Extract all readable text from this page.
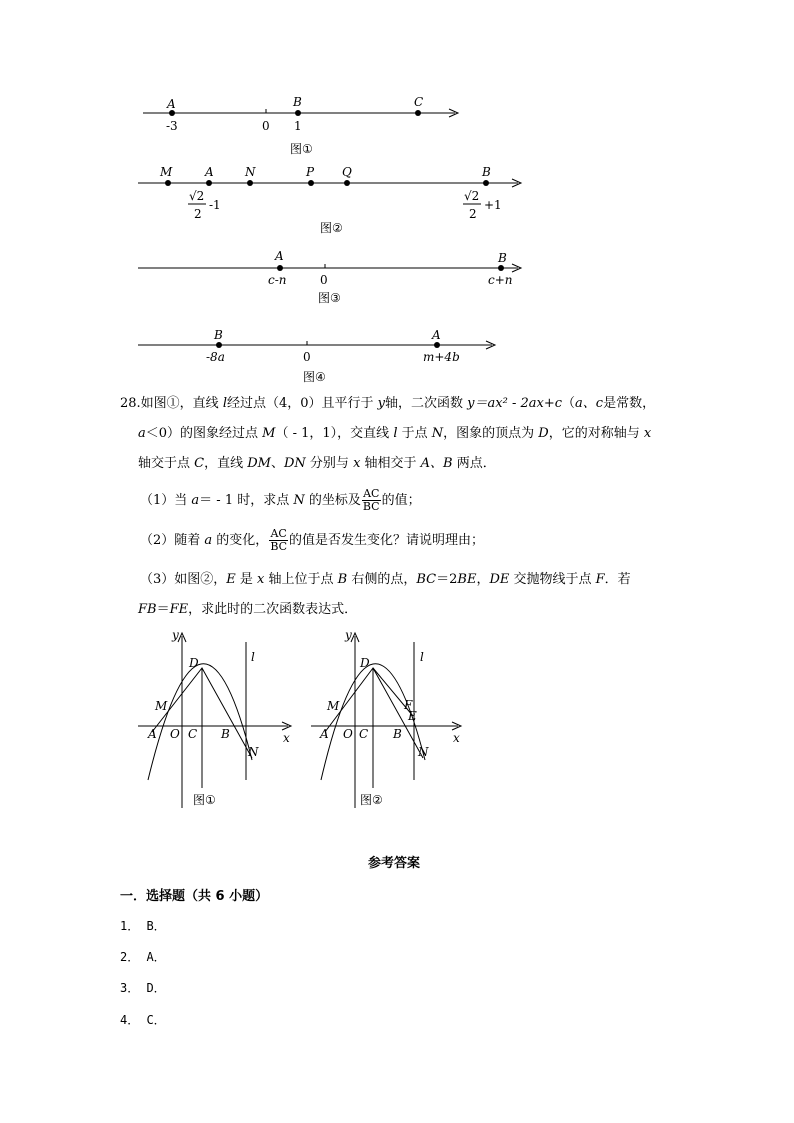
A	B	C
-3	0 1
图①
M	A	N	P Q	B
√2
2
-1
√2
2
+1
图②
A	B
c-n	0	c+n
图③
B	A
-8a	0	m+4b
图④
28.如图①，直线 l经过点（4，0）且平行于 y轴，二次函数 y＝ax² - 2ax+c（a、c是常数，
a＜0）的图象经过点 M（ - 1，1），交直线 l 于点 N，图象的顶点为 D，它的对称轴与 x
轴交于点 C，直线 DM、DN 分别与 x 轴相交于 A、B 两点．
（1）当 a＝ - 1 时，求点 N 的坐标及 $\frac{AC}{BC}$ 的值；
（2）随着 a 的变化， $\frac{AC}{BC}$ 的值是否发生变化？请说明理由；
（3）如图②，E 是 x 轴上位于点 B 右侧的点，BC＝2BE，DE 交抛物线于点 F．若
FB＝FE，求此时的二次函数表达式．
y
l
D
M
A O C B	x
N
图①
y
l
D
M	F
E
A O C B	x
N
图②
参考答案
一．选择题（共 6 小题）
1． B．
2． A．
3． D．
4． C．
